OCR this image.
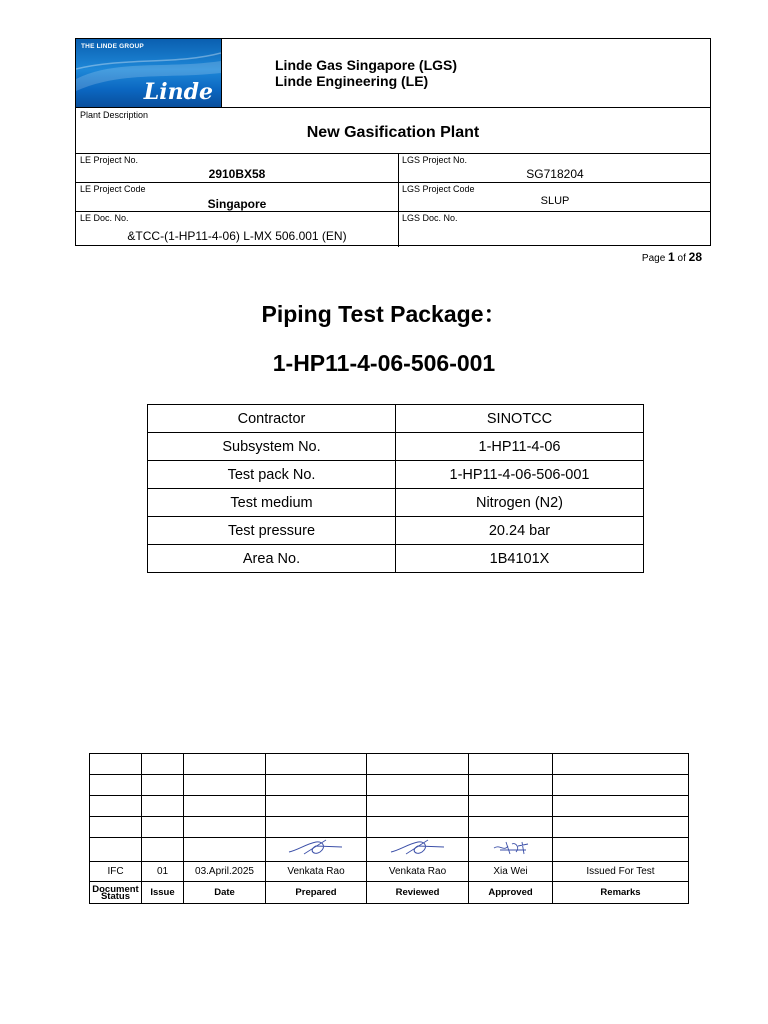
THE LINDE GROUP
Linde
Linde Gas Singapore (LGS)
Linde Engineering (LE)
Plant Description
New Gasification Plant
LE Project No.
2910BX58
LGS Project No.
SG718204
LE Project Code
Singapore
LGS Project Code
SLUP
LE Doc. No.
&TCC-(1-HP11-4-06) L-MX 506.001 (EN)
LGS Doc. No.
Page 1 of 28
Piping Test Package：
1-HP11-4-06-506-001
Contractor	SINOTCC
Subsystem No.	1-HP11-4-06
Test pack No.	1-HP11-4-06-506-001
Test medium	Nitrogen (N2)
Test pressure	20.24 bar
Area No.	1B4101X

IFC	01	03.April.2025	Venkata Rao	Venkata Rao	Xia Wei	Issued For Test
Document Status	Issue	Date	Prepared	Reviewed	Approved	Remarks
